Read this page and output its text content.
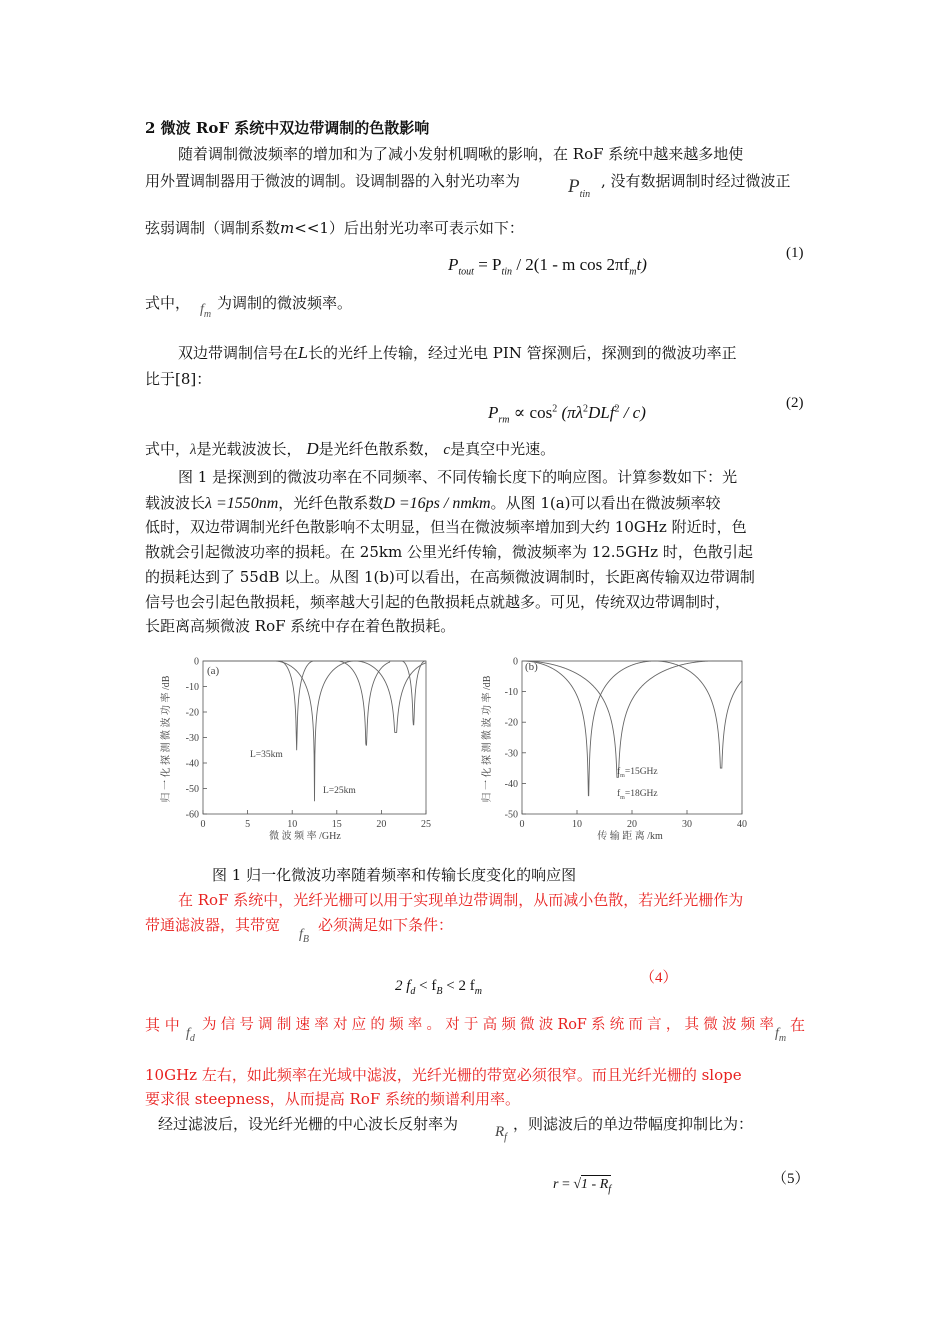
2 微波 RoF 系统中双边带调制的色散影响
随着调制微波频率的增加和为了减小发射机啁啾的影响，在 RoF 系统中越来越多地使
用外置调制器用于微波的调制。设调制器的入射光功率为	$P_{tin}$
, 没有数据调制时经过微波正
弦弱调制（调制系数m<<1）后出射光功率可表示如下：
$P_{tout} = P_{tin} / 2(1 - m$ $\cos 2\pi f_mt$)
(1)
式中， $f_m$
为调制的微波频率。
双边带调制信号在L长的光纤上传输，经过光电 PIN 管探测后，探测到的微波功率正
比于[8]：
$P_{rm} \propto \cos^2 (\pi\lambda^2DLf^2 / c)$	(2)
式中，λ是光载波波长， D是光纤色散系数， c是真空中光速。
图 1 是探测到的微波功率在不同频率、不同传输长度下的响应图。计算参数如下：光
载波波长λ =1550nm，光纤色散系数D =16ps / nmkm。从图 1(a)可以看出在微波频率较
低时，双边带调制光纤色散影响不太明显，但当在微波频率增加到大约 10GHz 附近时，色
散就会引起微波功率的损耗。在 25km 公里光纤传输，微波频率为 12.5GHz 时，色散引起
的损耗达到了 55dB 以上。从图 1(b)可以看出，在高频微波调制时，长距离传输双边带调制
信号也会引起色散损耗，频率越大引起的色散损耗点就越多。可见，传统双边带调制时，
长距离高频微波 RoF 系统中存在着色散损耗。
(a)
0
-10
-20
-30
-40
-50
-60
0	5	10	15	20	25
L=35km
L=25km
微 波 频 率 /GHz
归 一 化 探 测 微 波 功 率 /dB
(b)
0
-10
-20
-30
-40
-50
0	10	20	30	40
$f_m=15GHz$
$f_m=18GHz$
传 输 距 离 /km
归 一 化 探 测 微 波 功 率 /dB
图 1 归一化微波功率随着频率和传输长度变化的响应图
在 RoF 系统中，光纤光栅可以用于实现单边带调制，从而减小色散，若光纤光栅作为
带通滤波器，其带宽
$f_B$
必须满足如下条件：
2 $f_d < f_B < 2$ $f_m$
（4）
其 中 $f_d$
为 信 号 调 制 速 率 对 应 的 频 率 。 对 于 高 频 微 波 RoF 系 统 而 言 ， 其 微 波 频 率
$f_m$
在
10GHz 左右，如此频率在光域中滤波，光纤光栅的带宽必须很窄。而且光纤光栅的 slope
要求很 steepness，从而提高 RoF 系统的频谱利用率。
经过滤波后，设光纤光栅的中心波长反射率为 $R_f$
，则滤波后的单边带幅度抑制比为：
$r = √1 - R_f$
（5）
